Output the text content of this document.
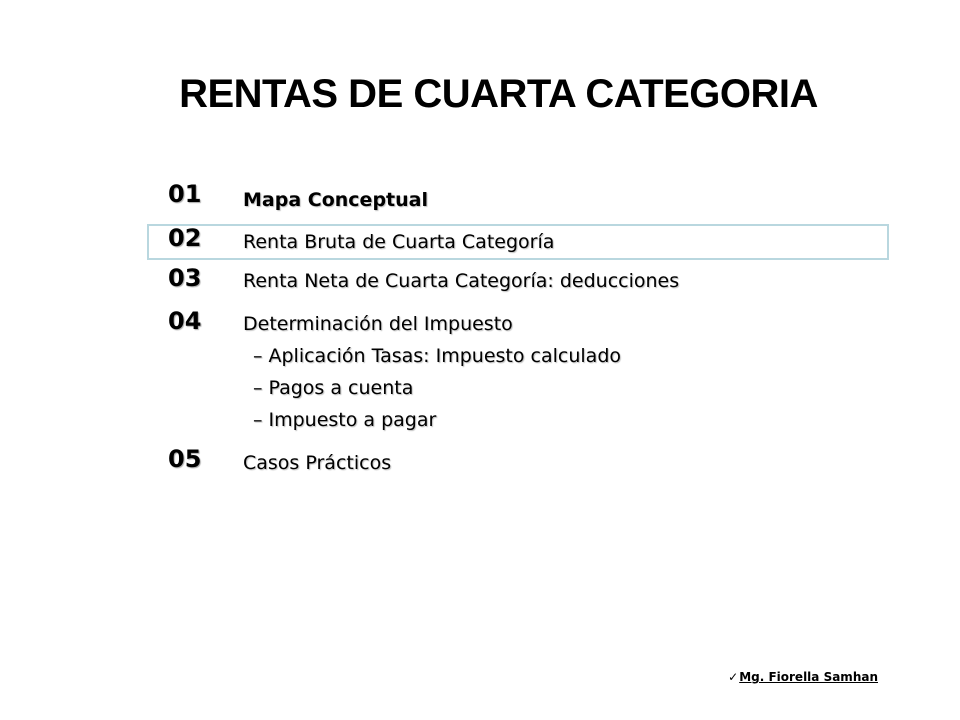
RENTAS DE CUARTA CATEGORIA
01 Mapa Conceptual
02 Renta Bruta de Cuarta Categoría
03 Renta Neta de Cuarta Categoría: deducciones
04 Determinación del Impuesto
– Aplicación Tasas: Impuesto calculado
– Pagos a cuenta
– Impuesto a pagar
05 Casos Prácticos
✓Mg. Fiorella Samhan
